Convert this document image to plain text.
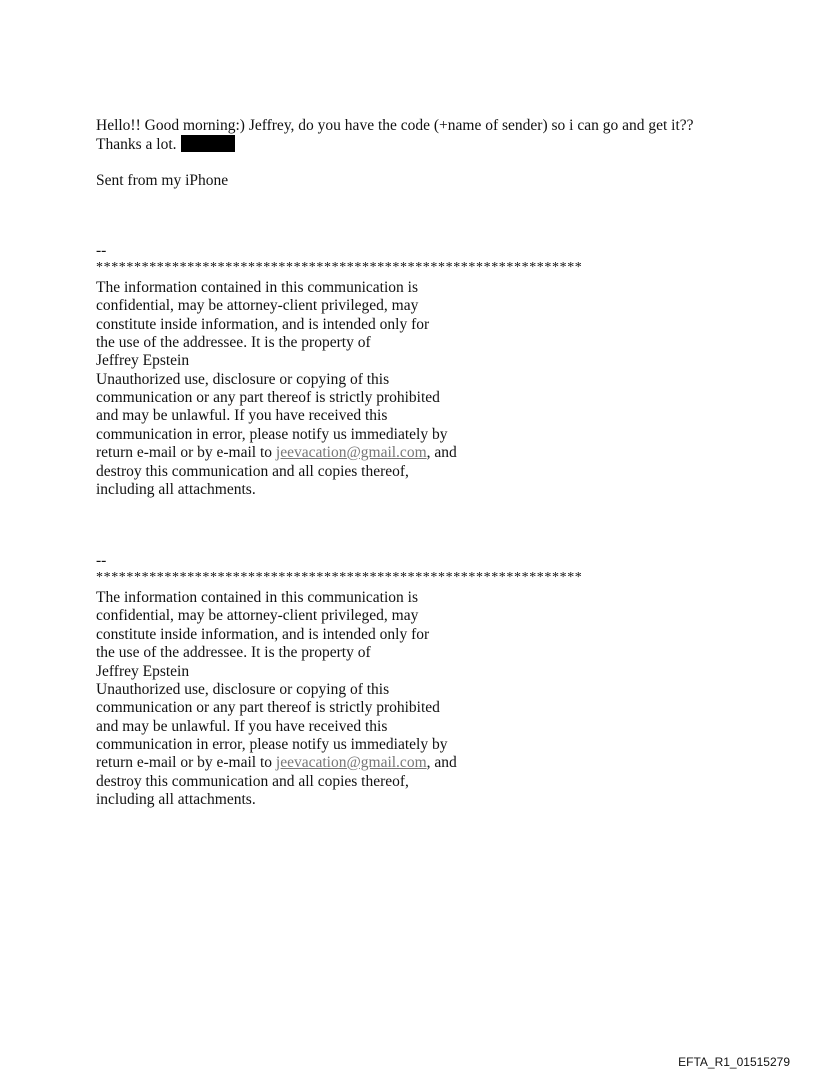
Hello!! Good morning:) Jeffrey, do you have the code (+name of sender) so i can go and get it??
Thanks a lot.
Sent from my iPhone
--
****************************************************************
The information contained in this communication is
confidential, may be attorney-client privileged, may
constitute inside information, and is intended only for
the use of the addressee. It is the property of
Jeffrey Epstein
Unauthorized use, disclosure or copying of this
communication or any part thereof is strictly prohibited
and may be unlawful. If you have received this
communication in error, please notify us immediately by
return e-mail or by e-mail to jeevacation@gmail.com, and
destroy this communication and all copies thereof,
including all attachments.
--
****************************************************************
The information contained in this communication is
confidential, may be attorney-client privileged, may
constitute inside information, and is intended only for
the use of the addressee. It is the property of
Jeffrey Epstein
Unauthorized use, disclosure or copying of this
communication or any part thereof is strictly prohibited
and may be unlawful. If you have received this
communication in error, please notify us immediately by
return e-mail or by e-mail to jeevacation@gmail.com, and
destroy this communication and all copies thereof,
including all attachments.
EFTA_R1_01515279
